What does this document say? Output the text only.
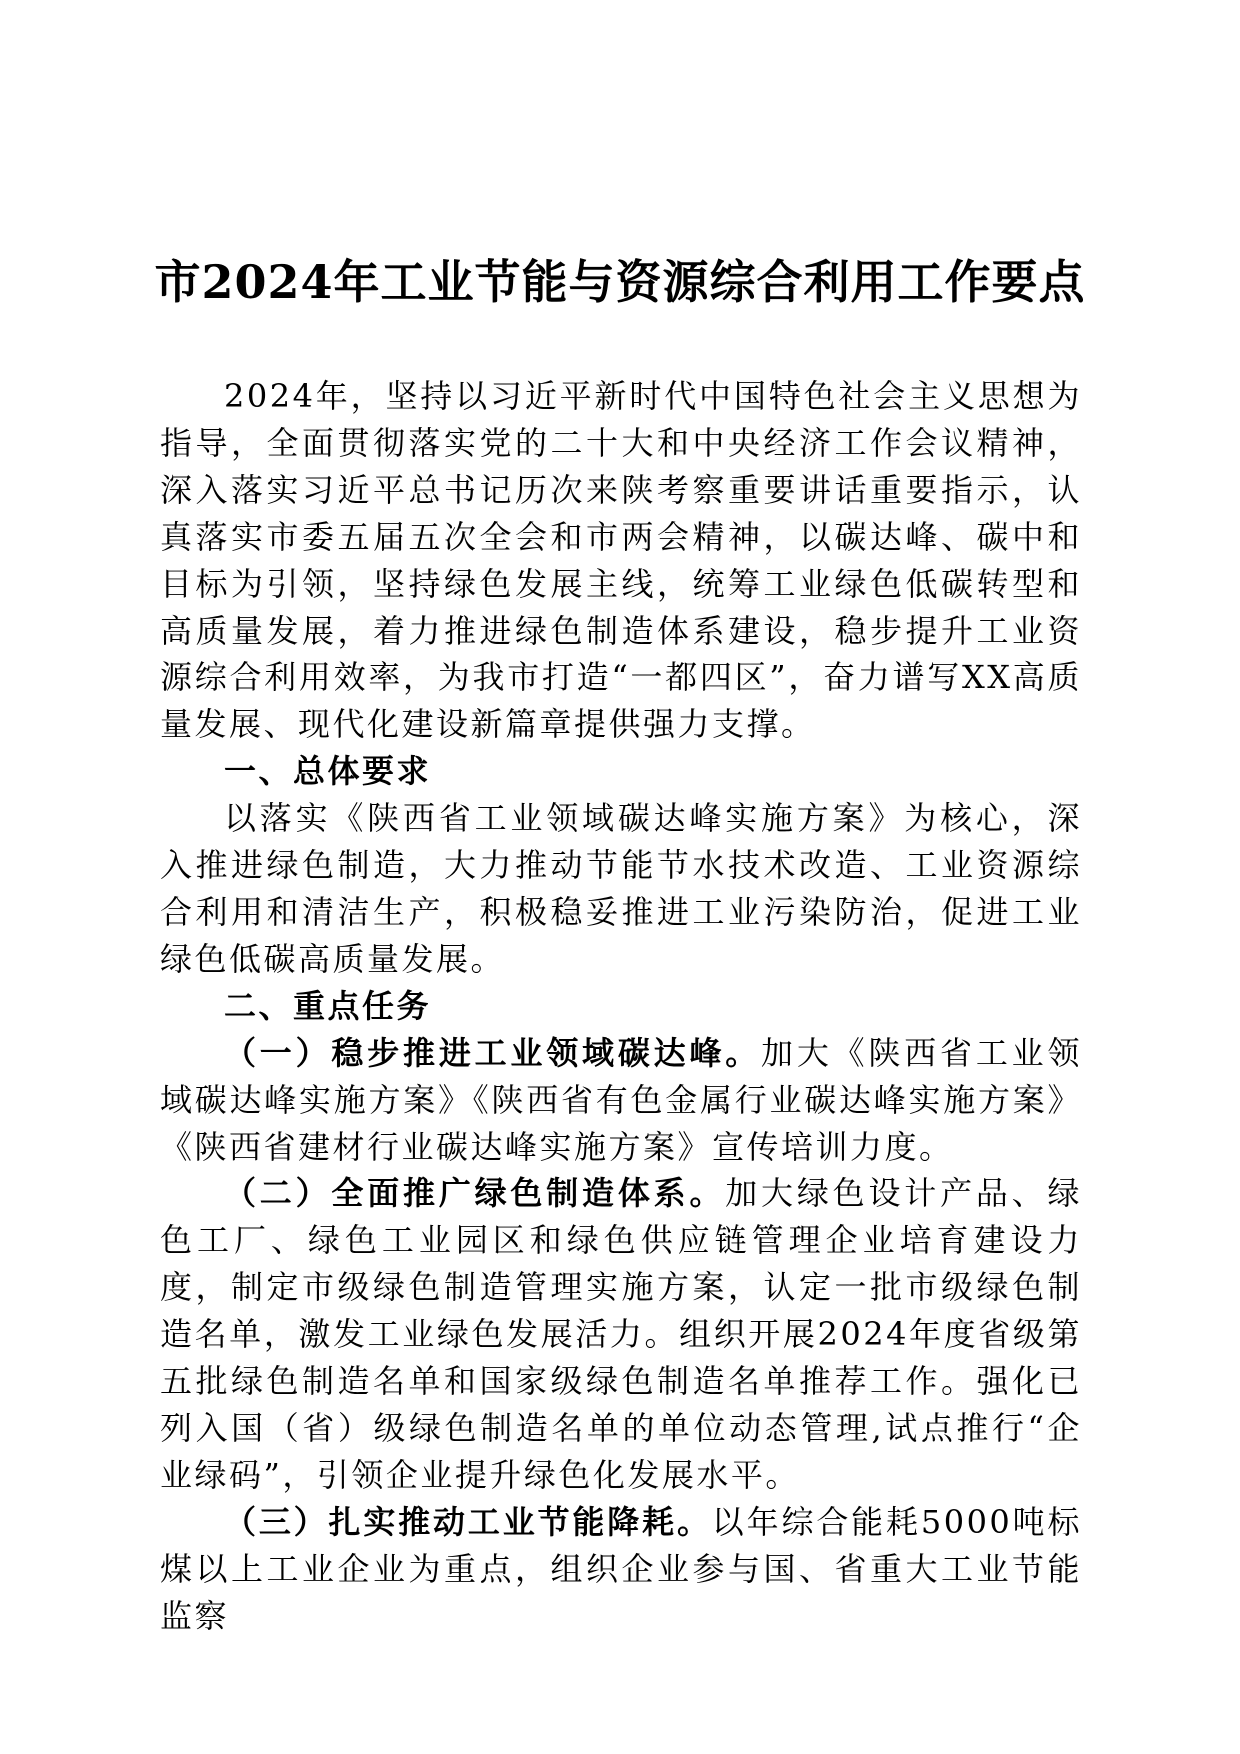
市2024年工业节能与资源综合利用工作要点

2024年，坚持以习近平新时代中国特色社会主义思想为指导，全面贯彻落实党的二十大和中央经济工作会议精神，深入落实习近平总书记历次来陕考察重要讲话重要指示，认真落实市委五届五次全会和市两会精神，以碳达峰、碳中和目标为引领，坚持绿色发展主线，统筹工业绿色低碳转型和高质量发展，着力推进绿色制造体系建设，稳步提升工业资源综合利用效率，为我市打造“一都四区”，奋力谱写XX高质量发展、现代化建设新篇章提供强力支撑。

一、总体要求

以落实《陕西省工业领域碳达峰实施方案》为核心，深入推进绿色制造，大力推动节能节水技术改造、工业资源综合利用和清洁生产，积极稳妥推进工业污染防治，促进工业绿色低碳高质量发展。

二、重点任务

（一）稳步推进工业领域碳达峰。加大《陕西省工业领域碳达峰实施方案》《陕西省有色金属行业碳达峰实施方案》《陕西省建材行业碳达峰实施方案》宣传培训力度。

（二）全面推广绿色制造体系。加大绿色设计产品、绿色工厂、绿色工业园区和绿色供应链管理企业培育建设力度，制定市级绿色制造管理实施方案，认定一批市级绿色制造名单，激发工业绿色发展活力。组织开展2024年度省级第五批绿色制造名单和国家级绿色制造名单推荐工作。强化已列入国（省）级绿色制造名单的单位动态管理,试点推行“企业绿码”，引领企业提升绿色化发展水平。

（三）扎实推动工业节能降耗。以年综合能耗5000吨标煤以上工业企业为重点，组织企业参与国、省重大工业节能监察
